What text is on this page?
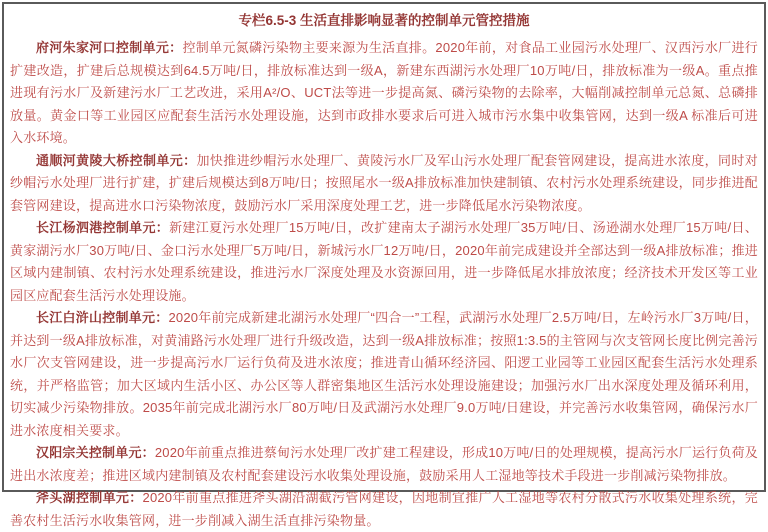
专栏6.5-3 生活直排影响显著的控制单元管控措施

府河朱家河口控制单元：控制单元氮磷污染物主要来源为生活直排。2020年前，对食品工业园污水处理厂、汉西污水厂进行扩建改造，扩建后总规模达到64.5万吨/日，排放标准达到一级A，新建东西湖污水处理厂10万吨/日，排放标准为一级A。重点推进现有污水厂及新建污水厂工艺改进，采用A²/O、UCT法等进一步提高氮、磷污染物的去除率，大幅削减控制单元总氮、总磷排放量。黄金口等工业园区应配套生活污水处理设施，达到市政排水要求后可进入城市污水集中收集管网，达到一级A 标准后可进入水环境。

通顺河黄陵大桥控制单元：加快推进纱帽污水处理厂、黄陵污水厂及军山污水处理厂配套管网建设，提高进水浓度，同时对纱帽污水处理厂进行扩建，扩建后规模达到8万吨/日；按照尾水一级A排放标准加快建制镇、农村污水处理系统建设，同步推进配套管网建设，提高进水口污染物浓度，鼓励污水厂采用深度处理工艺，进一步降低尾水污染物浓度。

长江杨泗港控制单元：新建江夏污水处理厂15万吨/日，改扩建南太子湖污水处理厂35万吨/日、汤逊湖水处理厂15万吨/日、黄家湖污水厂30万吨/日、金口污水处理厂5万吨/日，新城污水厂12万吨/日，2020年前完成建设并全部达到一级A排放标准；推进区域内建制镇、农村污水处理系统建设，推进污水厂深度处理及水资源回用，进一步降低尾水排放浓度；经济技术开发区等工业园区应配套生活污水处理设施。

长江白浒山控制单元：2020年前完成新建北湖污水处理厂“四合一”工程，武湖污水处理厂2.5万吨/日，左岭污水厂3万吨/日，并达到一级A排放标准，对黄浦路污水处理厂进行升级改造，达到一级A排放标准；按照1:3.5的主管网与次支管网长度比例完善污水厂次支管网建设，进一步提高污水厂运行负荷及进水浓度；推进青山循环经济园、阳逻工业园等工业园区配套生活污水处理系统，并严格监管；加大区域内生活小区、办公区等人群密集地区生活污水处理设施建设；加强污水厂出水深度处理及循环利用，切实减少污染物排放。2035年前完成北湖污水厂80万吨/日及武湖污水处理厂9.0万吨/日建设，并完善污水收集管网，确保污水厂进水浓度相关要求。

汉阳宗关控制单元：2020年前重点推进蔡甸污水处理厂改扩建工程建设，形成10万吨/日的处理规模，提高污水厂运行负荷及进出水浓度差；推进区域内建制镇及农村配套建设污水收集处理设施，鼓励采用人工湿地等技术手段进一步削减污染物排放。

斧头湖控制单元：2020年前重点推进斧头湖沿湖截污管网建设，因地制宜推广人工湿地等农村分散式污水收集处理系统，完善农村生活污水收集管网，进一步削减入湖生活直排污染物量。
